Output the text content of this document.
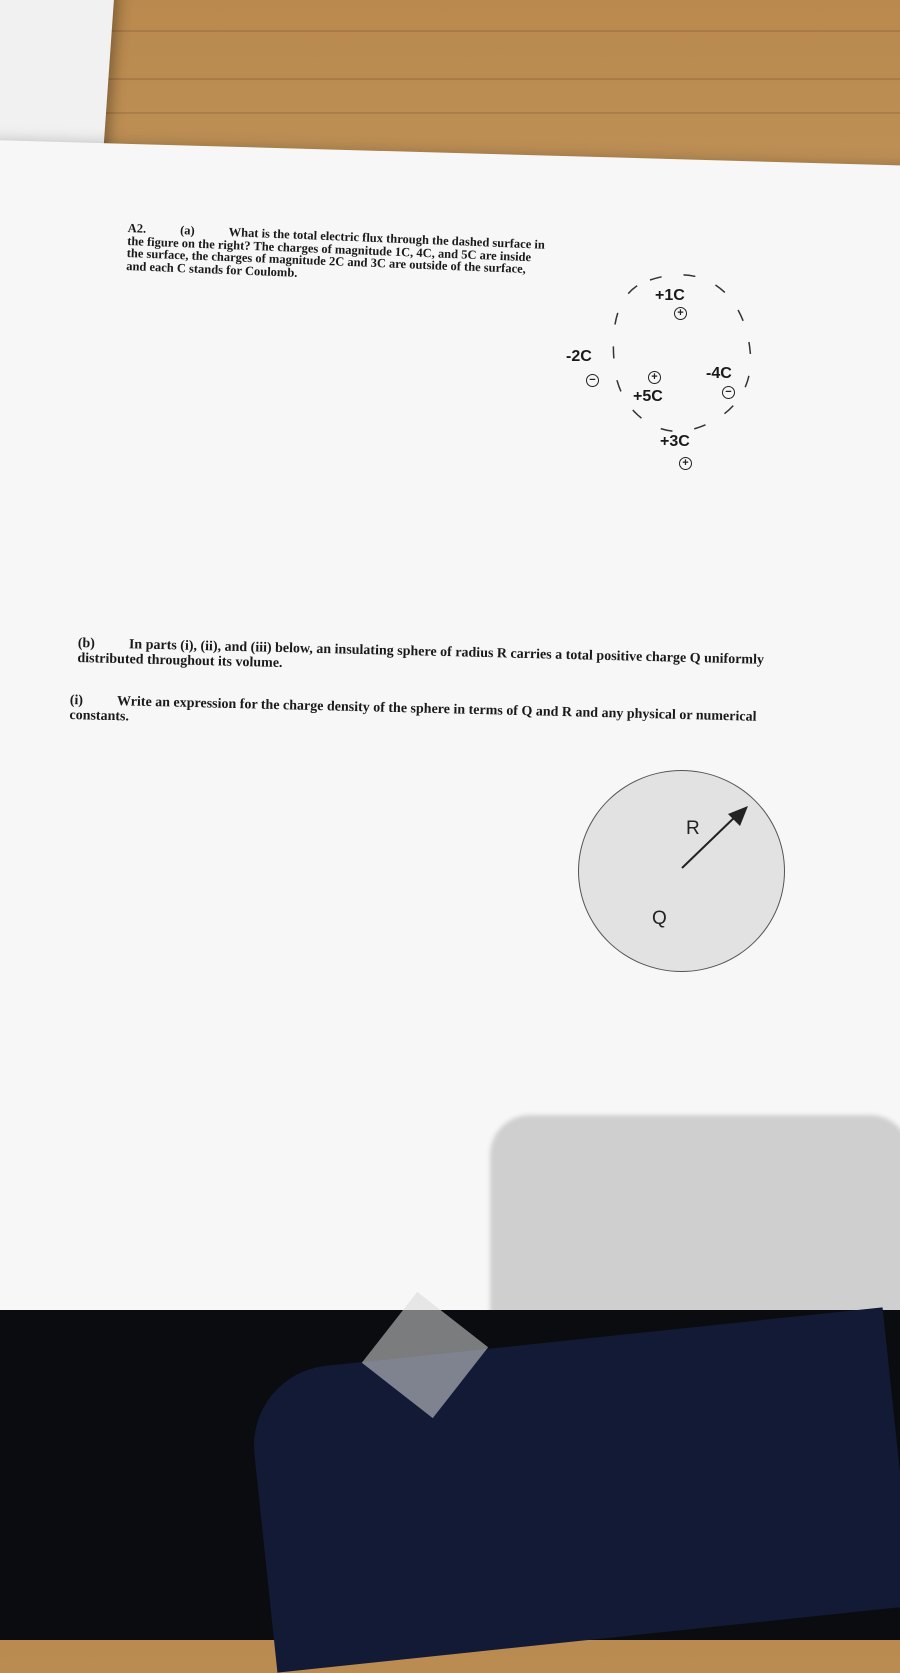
A2.	(a)	What is the total electric flux through the dashed surface in the figure on the right? The charges of magnitude 1C, 4C, and 5C are inside the surface, the charges of magnitude 2C and 3C are outside of the surface, and each C stands for Coulomb.
+1C
+
-2C
−	+
+5C
-4C
−
+3C
+

(b) In parts (i), (ii), and (iii) below, an insulating sphere of radius R carries a total positive charge Q uniformly distributed throughout its volume.
(i) Write an expression for the charge density of the sphere in terms of Q and R and any physical or numerical constants.
R
Q
